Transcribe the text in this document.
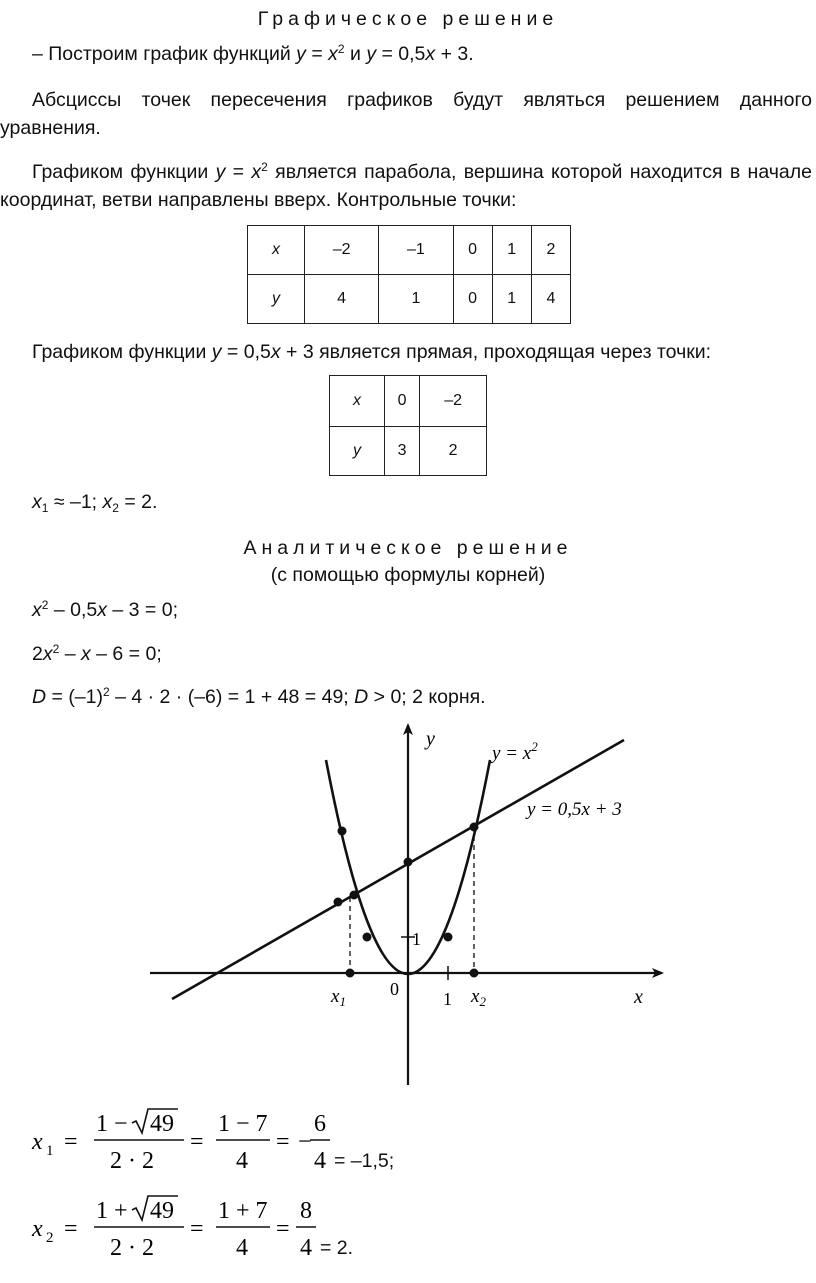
Графическое решение
– Построим график функций $y = x^2$ и y = 0,5x + 3.
Абсциссы точек пересечения графиков будут являться решением данного уравнения.
Графиком функции $y = x^2$ является парабола, вершина которой находится в начале координат, ветви направлены вверх. Контрольные точки:
x	–2	–1	0	1	2
y	4	1	0	1	4
Графиком функции y = 0,5x + 3 является прямая, проходящая через точки:
x	0	–2
y	3	2
$x_1 \approx -1$; $x_2 = 2$.
Аналитическое решение
(с помощью формулы корней)
$x^2 - 0,5x - 3 = 0$;
$2x^2 - x - 6 = 0$;
$D = (-1)^2 - 4 \cdot 2 \cdot (-6) = 1 + 48 = 49$; D > 0; 2 корня.
y
x
0 1
1
$x_1$	$x_2$
$y = x^2$
y = 0,5x + 3
x 1 =
1 − 49
2 · 2
=
1 − 7
4
= −
6
4 = –1,5;
x 2 =
1 + 49
2 · 2
=
1 + 7
4
=
8
4 = 2.
